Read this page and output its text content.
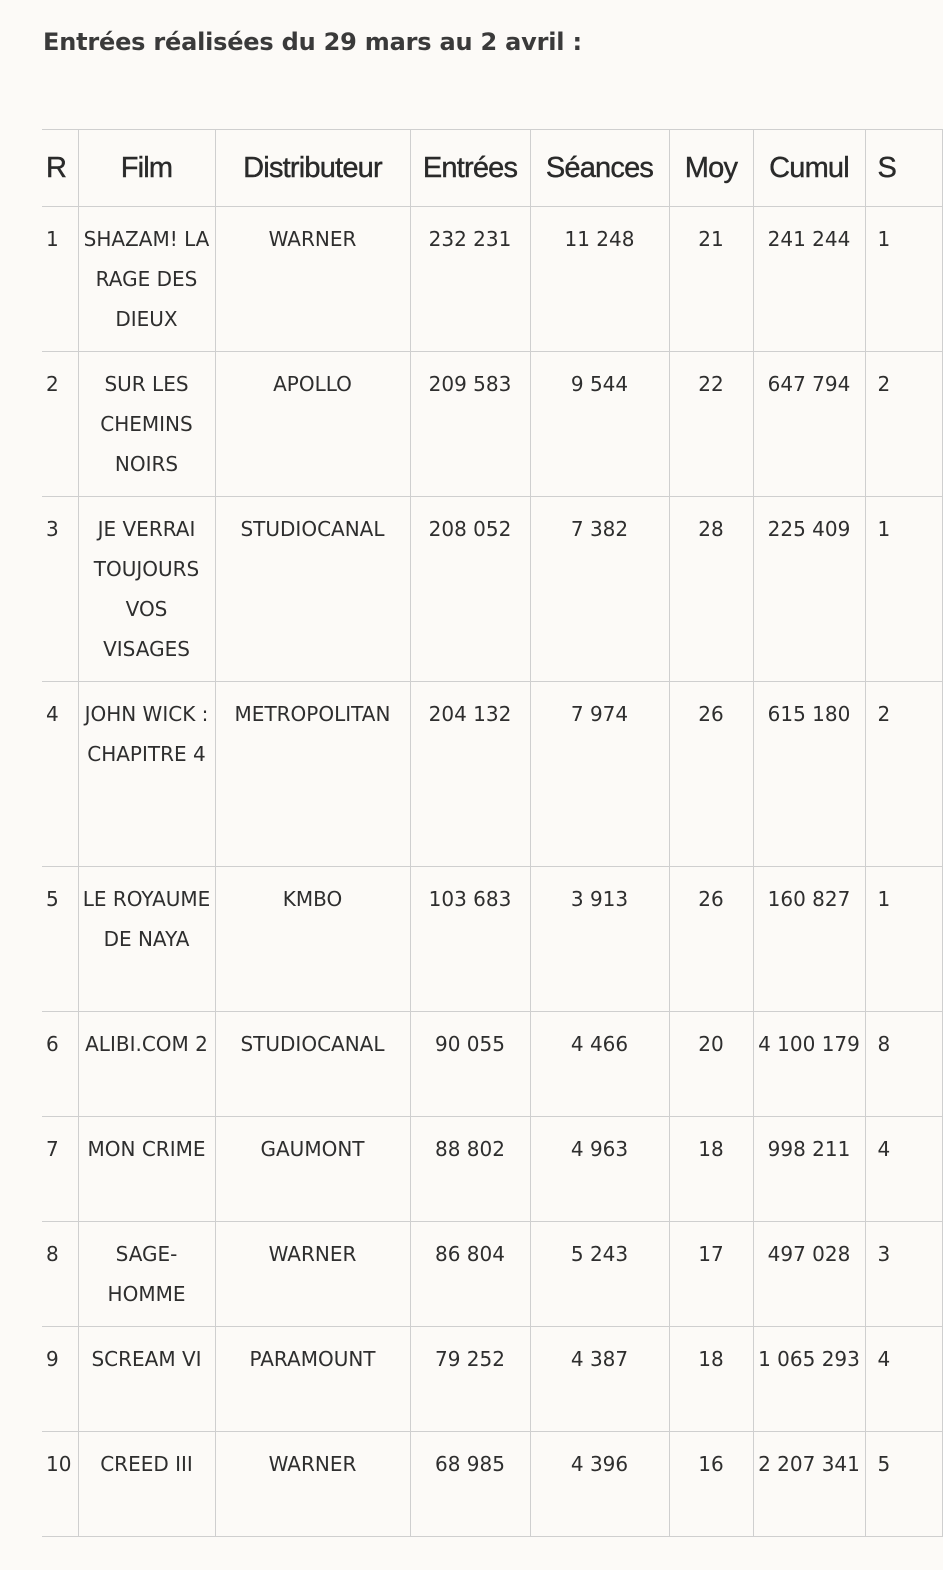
Entrées réalisées du 29 mars au 2 avril :
R	Film	Distributeur	Entrées	Séances	Moy	Cumul	S
1	SHAZAM! LA RAGE DES DIEUX	WARNER	232 231	11 248	21	241 244	1
2	SUR LES CHEMINS NOIRS	APOLLO	209 583	9 544	22	647 794	2
3	JE VERRAI TOUJOURS VOS VISAGES	STUDIOCANAL	208 052	7 382	28	225 409	1
4	JOHN WICK : CHAPITRE 4	METROPOLITAN	204 132	7 974	26	615 180	2
5	LE ROYAUME DE NAYA	KMBO	103 683	3 913	26	160 827	1
6	ALIBI.COM 2	STUDIOCANAL	90 055	4 466	20	4 100 179	8
7	MON CRIME	GAUMONT	88 802	4 963	18	998 211	4
8	SAGE-HOMME	WARNER	86 804	5 243	17	497 028	3
9	SCREAM VI	PARAMOUNT	79 252	4 387	18	1 065 293	4
10	CREED III	WARNER	68 985	4 396	16	2 207 341	5
